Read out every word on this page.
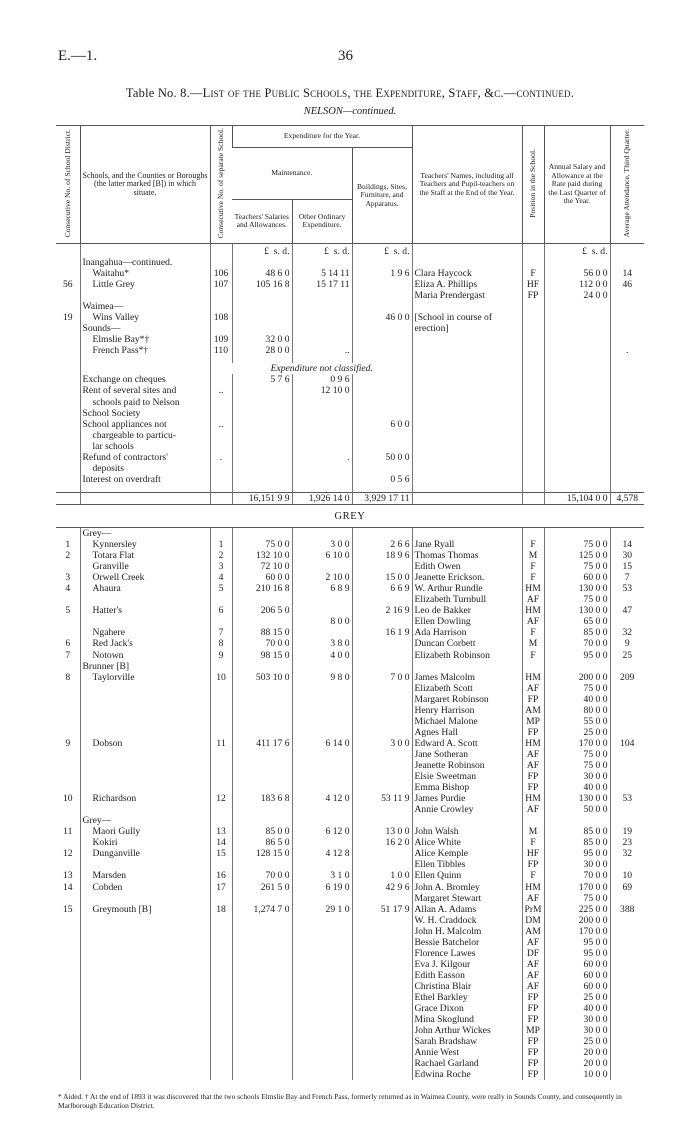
E.—1.	36
Table No. 8.—List of the Public Schools, the Expenditure, Staff, &c.—continued.
NELSON—continued.
Consecutive No. of School District.	Schools, and the Counties or Boroughs (the latter marked [B]) in which situate.	Consecutive No. of separate School.	Expenditure for the Year.			Teachers' Names, including all Teachers and Pupil-teachers on the Staff at the End of the Year.	Position in the School.	Annual Salary and Allowance at the Rate paid during the Last Quarter of the Year.	Average Attendance, Third Quarter.
			Maintenance.		Buildings, Sites, Furniture, and Apparatus.				
			Teachers' Salaries and Allowances.	Other Ordinary Expenditure.					
			£ s. d.	£ s. d.	£ s. d.			£ s. d.	
	Inangahua—continued.								
	Waitahu*	106	48 6 0	5 14 11	1 9 6	Clara Haycock	F	56 0 0	14
56	Little Grey	107	105 16 8	15 17 11		Eliza A. Phillips	HF	112 0 0	46
						Maria Prendergast	FP	24 0 0	
	Waimea—								
19	Wins Valley	108			46 0 0	[School in course of			
	Sounds—					erection]			
	Elmslie Bay*†	109	32 0 0						
	French Pass*†	110	28 0 0	..					.

			Expenditure not classified.						
	Exchange on cheques		5 7 6	0 9 6					
	Rent of several sites and	..		12 10 0					
	schools paid to Nelson								
	School Society								
	School appliances not	..			6 0 0				
	chargeable to particu-								
	lar schools								
	Refund of contractors'	.		.	50 0 0				
	deposits								
	Interest on overdraft				0 5 6				

			16,151 9 9	1,926 14 0	3,929 17 11			15,104 0 0	4,578
GREY									
	Grey—								
1	Kynnersley	1	75 0 0	3 0 0	2 6 6	Jane Ryall	F	75 0 0	14
2	Totara Flat	2	132 10 0	6 10 0	18 9 6	Thomas Thomas	M	125 0 0	30
	Granville	3	72 10 0			Edith Owen	F	75 0 0	15
3	Orwell Creek	4	60 0 0	2 10 0	15 0 0	Jeanette Erickson.	F	60 0 0	7
4	Ahaura	5	210 16 8	6 8 9	6 6 9	W. Arthur Rundle	HM	130 0 0	53
						Elizabeth Turnbull	AF	75 0 0	
5	Hatter's	6	206 5 0		2 16 9	Leo de Bakker	HM	130 0 0	47
				8 0 0		Ellen Dowling	AF	65 0 0	
	Ngahere	7	88 15 0		16 1 9	Ada Harrison	F	85 0 0	32
6	Red Jack's	8	70 0 0	3 8 0		Duncan Corbett	M	70 0 0	9
7	Notown	9	98 15 0	4 0 0		Elizabeth Robinson	F	95 0 0	25
	Brunner [B]								
8	Taylorville	10	503 10 0	9 8 0	7 0 0	James Malcolm	HM	200 0 0	209
						Elizabeth Scott	AF	75 0 0	
						Margaret Robinson	FP	40 0 0	
						Henry Harrison	AM	80 0 0	
						Michael Malone	MP	55 0 0	
						Agnes Hall	FP	25 0 0	
9	Dobson	11	411 17 6	6 14 0	3 0 0	Edward A. Scott	HM	170 0 0	104
						Jane Sotheran	AF	75 0 0	
						Jeanette Robinson	AF	75 0 0	
						Elsie Sweetman	FP	30 0 0	
						Emma Bishop	FP	40 0 0	
10	Richardson	12	183 6 8	4 12 0	53 11 9	James Purdie	HM	130 0 0	53
						Annie Crowley	AF	50 0 0	
	Grey—								
11	Maori Gully	13	85 0 0	6 12 0	13 0 0	John Walsh	M	85 0 0	19
	Kokiri	14	86 5 0		16 2 0	Alice White	F	85 0 0	23
12	Dunganville	15	128 15 0	4 12 8		Alice Kemple	HF	95 0 0	32
						Ellen Tibbles	FP	30 0 0	
13	Marsden	16	70 0 0	3 1 0	1 0 0	Ellen Quinn	F	70 0 0	10
14	Cobden	17	261 5 0	6 19 0	42 9 6	John A. Bromley	HM	170 0 0	69
						Margaret Stewart	AF	75 0 0	
15	Greymouth [B]	18	1,274 7 0	29 1 0	51 17 9	Allan A. Adams	PrM	225 0 0	388
						W. H. Craddock	DM	200 0 0	
						John H. Malcolm	AM	170 0 0	
						Bessie Batchelor	AF	95 0 0	
						Florence Lawes	DF	95 0 0	
						Eva J. Kilgour	AF	60 0 0	
						Edith Easson	AF	60 0 0	
						Christina Blair	AF	60 0 0	
						Ethel Barkley	FP	25 0 0	
						Grace Dixon	FP	40 0 0	
						Mina Skoglund	FP	30 0 0	
						John Arthur Wickes	MP	30 0 0	
						Sarah Bradshaw	FP	25 0 0	
						Annie West	FP	20 0 0	
						Rachael Garland	FP	20 0 0	
						Edwina Roche	FP	10 0 0	
* Aided. † At the end of 1893 it was discovered that the two schools Elmslie Bay and French Pass, formerly returned as in Waimea County, were really in Sounds County, and consequently in Marlborough Education District.
